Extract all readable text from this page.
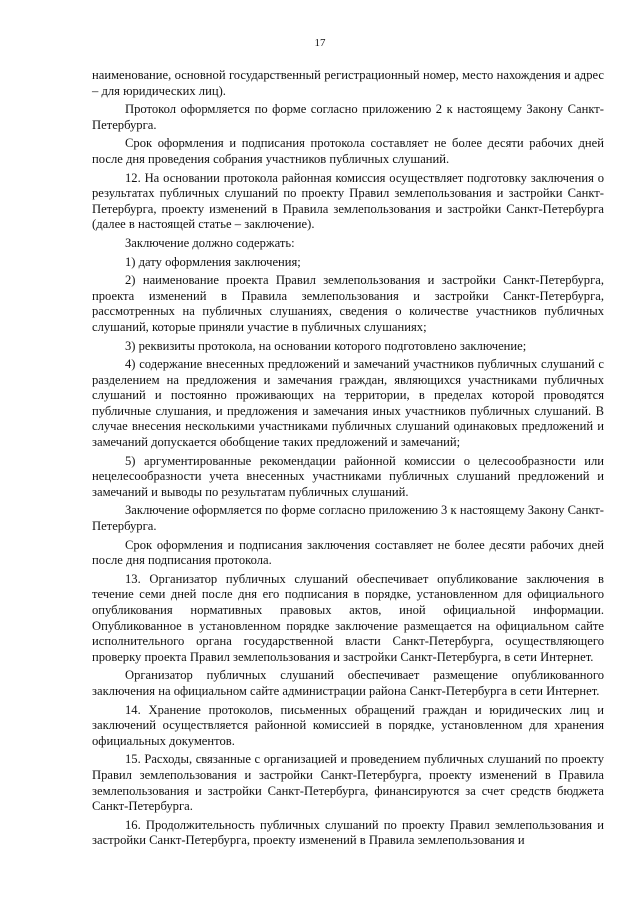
17

наименование, основной государственный регистрационный номер, место нахождения и адрес – для юридических лиц).

Протокол оформляется по форме согласно приложению 2 к настоящему Закону Санкт-Петербурга.

Срок оформления и подписания протокола составляет не более десяти рабочих дней после дня проведения собрания участников публичных слушаний.

12. На основании протокола районная комиссия осуществляет подготовку заключения о результатах публичных слушаний по проекту Правил землепользования и застройки Санкт-Петербурга, проекту изменений в Правила землепользования и застройки Санкт-Петербурга (далее в настоящей статье – заключение).

Заключение должно содержать:

1) дату оформления заключения;

2) наименование проекта Правил землепользования и застройки Санкт-Петербурга, проекта изменений в Правила землепользования и застройки Санкт-Петербурга, рассмотренных на публичных слушаниях, сведения о количестве участников публичных слушаний, которые приняли участие в публичных слушаниях;

3) реквизиты протокола, на основании которого подготовлено заключение;

4) содержание внесенных предложений и замечаний участников публичных слушаний с разделением на предложения и замечания граждан, являющихся участниками публичных слушаний и постоянно проживающих на территории, в пределах которой проводятся публичные слушания, и предложения и замечания иных участников публичных слушаний. В случае внесения несколькими участниками публичных слушаний одинаковых предложений и замечаний допускается обобщение таких предложений и замечаний;

5) аргументированные рекомендации районной комиссии о целесообразности или нецелесообразности учета внесенных участниками публичных слушаний предложений и замечаний и выводы по результатам публичных слушаний.

Заключение оформляется по форме согласно приложению 3 к настоящему Закону Санкт-Петербурга.

Срок оформления и подписания заключения составляет не более десяти рабочих дней после дня подписания протокола.

13. Организатор публичных слушаний обеспечивает опубликование заключения в течение семи дней после дня его подписания в порядке, установленном для официального опубликования нормативных правовых актов, иной официальной информации. Опубликованное в установленном порядке заключение размещается на официальном сайте исполнительного органа государственной власти Санкт-Петербурга, осуществляющего проверку проекта Правил землепользования и застройки Санкт-Петербурга, в сети Интернет.

Организатор публичных слушаний обеспечивает размещение опубликованного заключения на официальном сайте администрации района Санкт-Петербурга в сети Интернет.

14. Хранение протоколов, письменных обращений граждан и юридических лиц и заключений осуществляется районной комиссией в порядке, установленном для хранения официальных документов.

15. Расходы, связанные с организацией и проведением публичных слушаний по проекту Правил землепользования и застройки Санкт-Петербурга, проекту изменений в Правила землепользования и застройки Санкт-Петербурга, финансируются за счет средств бюджета Санкт-Петербурга.

16. Продолжительность публичных слушаний по проекту Правил землепользования и застройки Санкт-Петербурга, проекту изменений в Правила землепользования и
